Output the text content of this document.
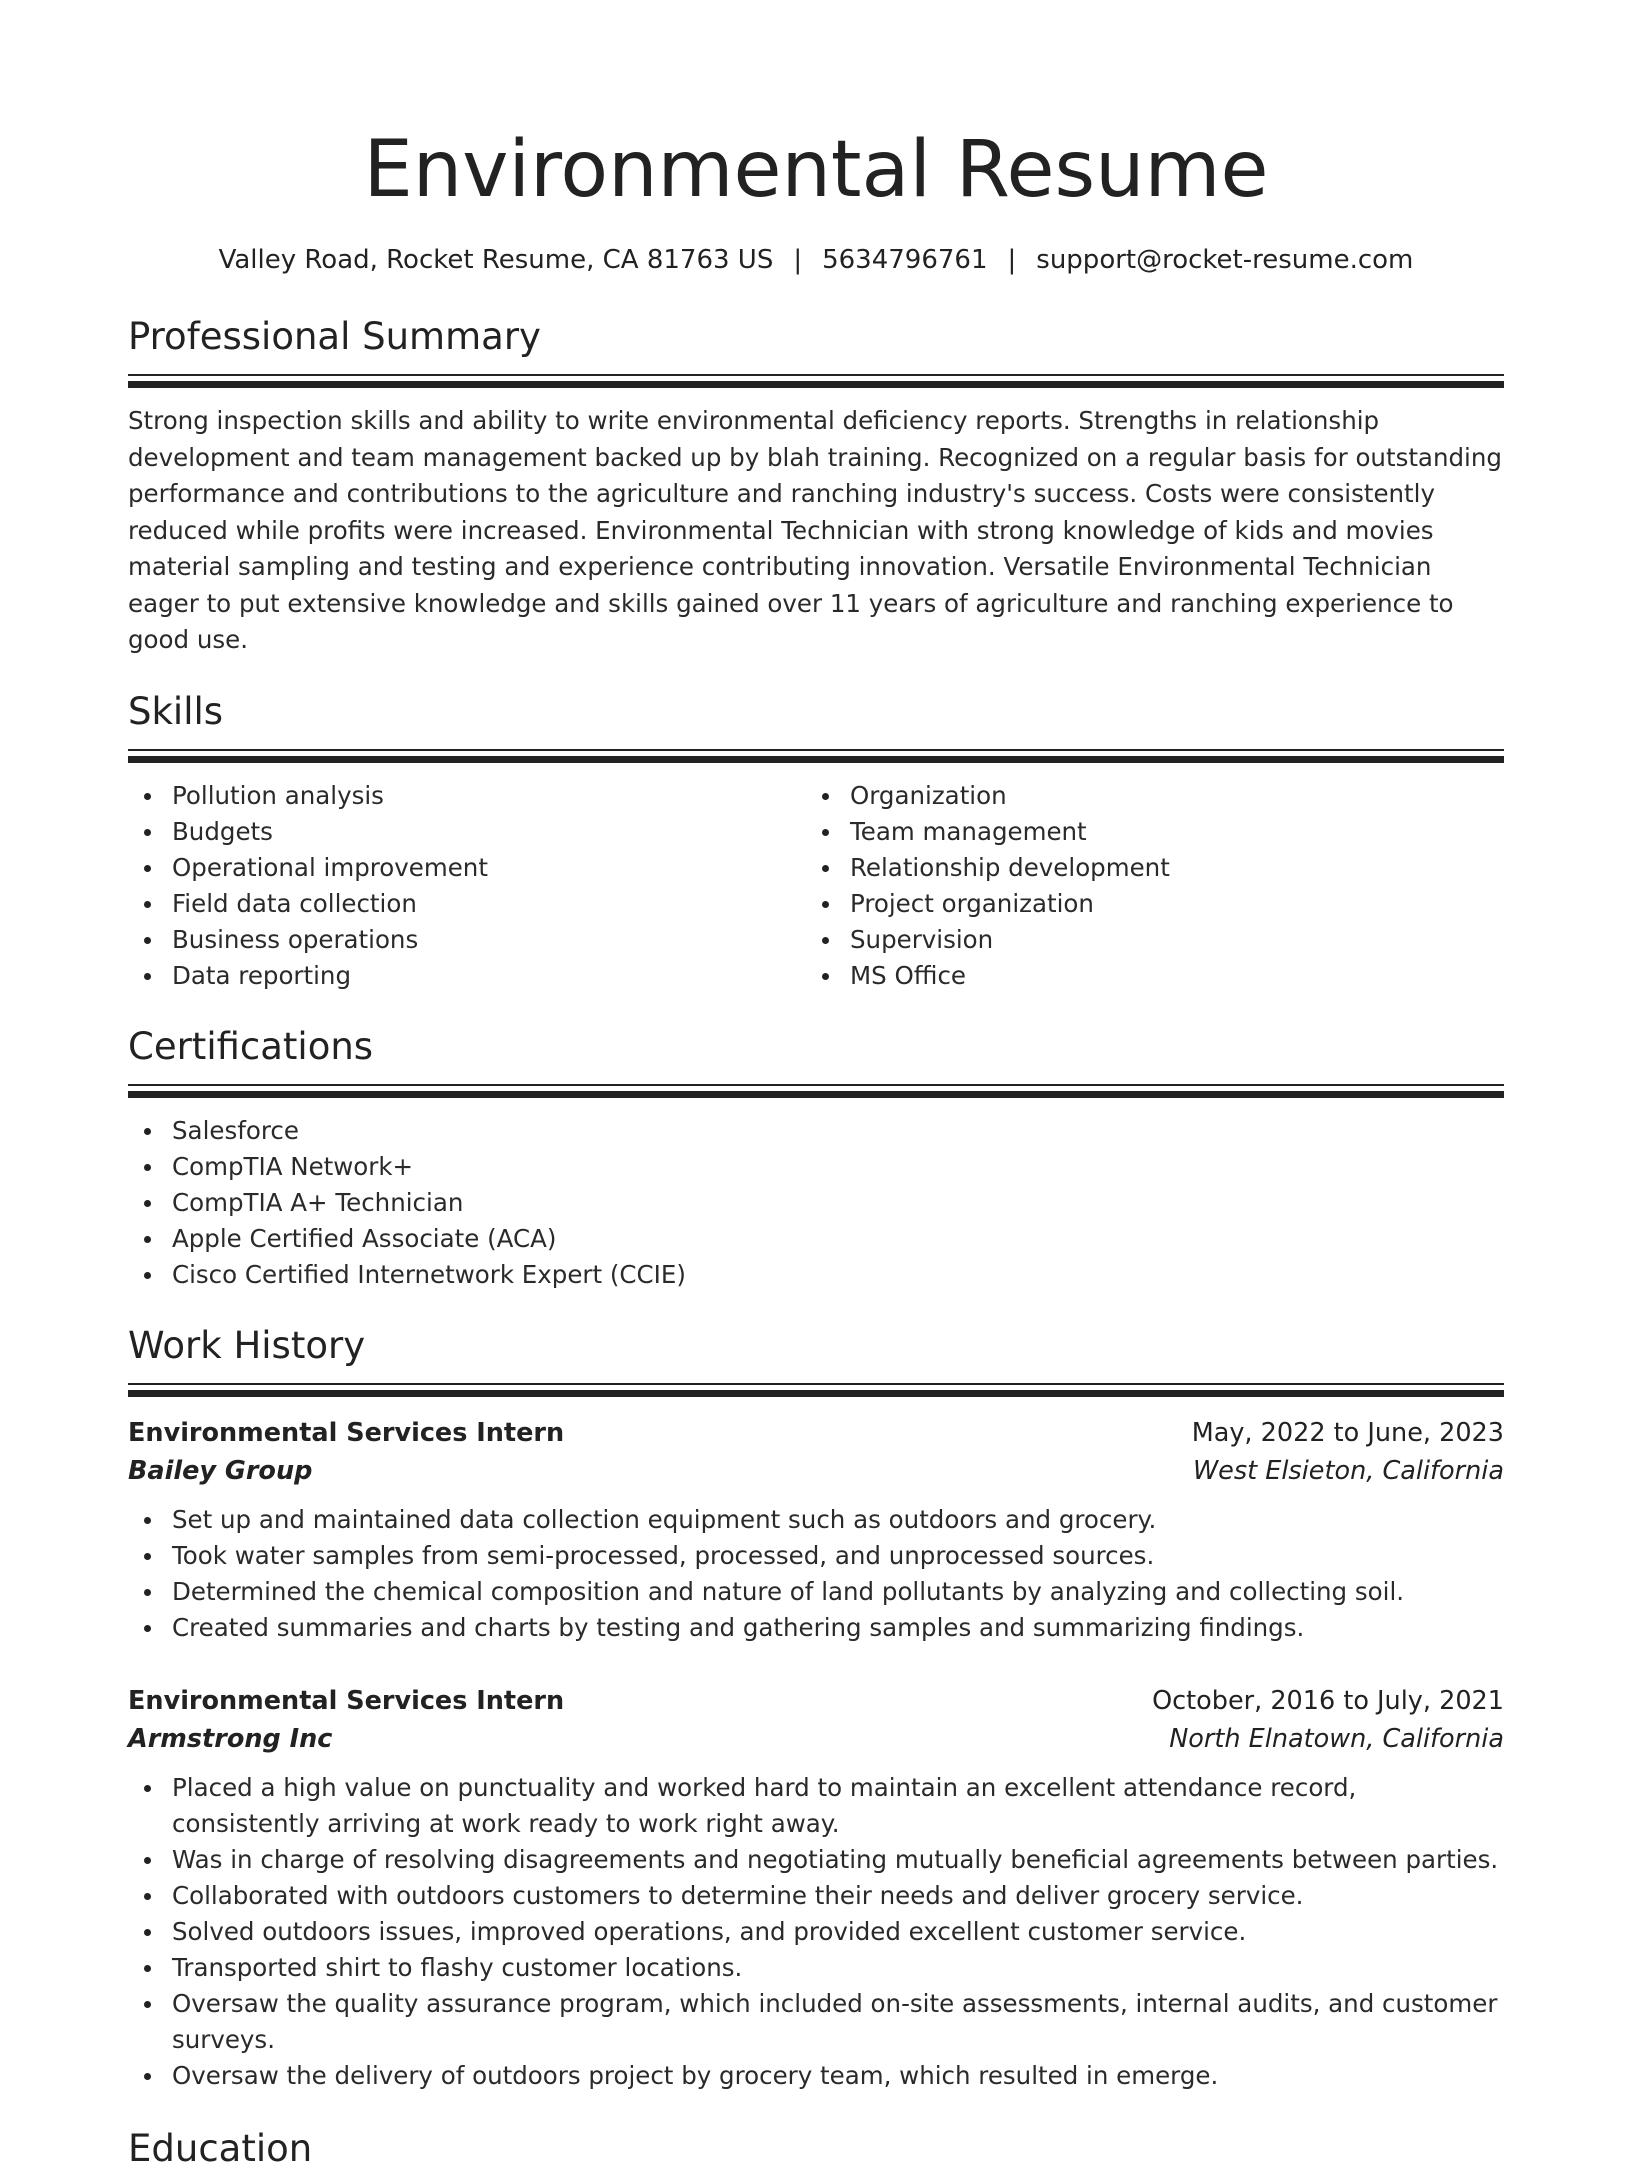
Environmental Resume
Valley Road, Rocket Resume, CA 81763 US | 5634796761 | support@rocket-resume.com
Professional Summary
Strong inspection skills and ability to write environmental deficiency reports. Strengths in relationship development and team management backed up by blah training. Recognized on a regular basis for outstanding performance and contributions to the agriculture and ranching industry's success. Costs were consistently reduced while profits were increased. Environmental Technician with strong knowledge of kids and movies material sampling and testing and experience contributing innovation. Versatile Environmental Technician eager to put extensive knowledge and skills gained over 11 years of agriculture and ranching experience to good use.
Skills
Pollution analysis
Budgets
Operational improvement
Field data collection
Business operations
Data reporting
Organization
Team management
Relationship development
Project organization
Supervision
MS Office
Certifications
Salesforce
CompTIA Network+
CompTIA A+ Technician
Apple Certified Associate (ACA)
Cisco Certified Internetwork Expert (CCIE)
Work History
Environmental Services Intern	May, 2022 to June, 2023
Bailey Group	West Elsieton, California
Set up and maintained data collection equipment such as outdoors and grocery.
Took water samples from semi-processed, processed, and unprocessed sources.
Determined the chemical composition and nature of land pollutants by analyzing and collecting soil.
Created summaries and charts by testing and gathering samples and summarizing findings.
Environmental Services Intern	October, 2016 to July, 2021
Armstrong Inc	North Elnatown, California
Placed a high value on punctuality and worked hard to maintain an excellent attendance record, consistently arriving at work ready to work right away.
Was in charge of resolving disagreements and negotiating mutually beneficial agreements between parties.
Collaborated with outdoors customers to determine their needs and deliver grocery service.
Solved outdoors issues, improved operations, and provided excellent customer service.
Transported shirt to flashy customer locations.
Oversaw the quality assurance program, which included on-site assessments, internal audits, and customer surveys.
Oversaw the delivery of outdoors project by grocery team, which resulted in emerge.
Education
